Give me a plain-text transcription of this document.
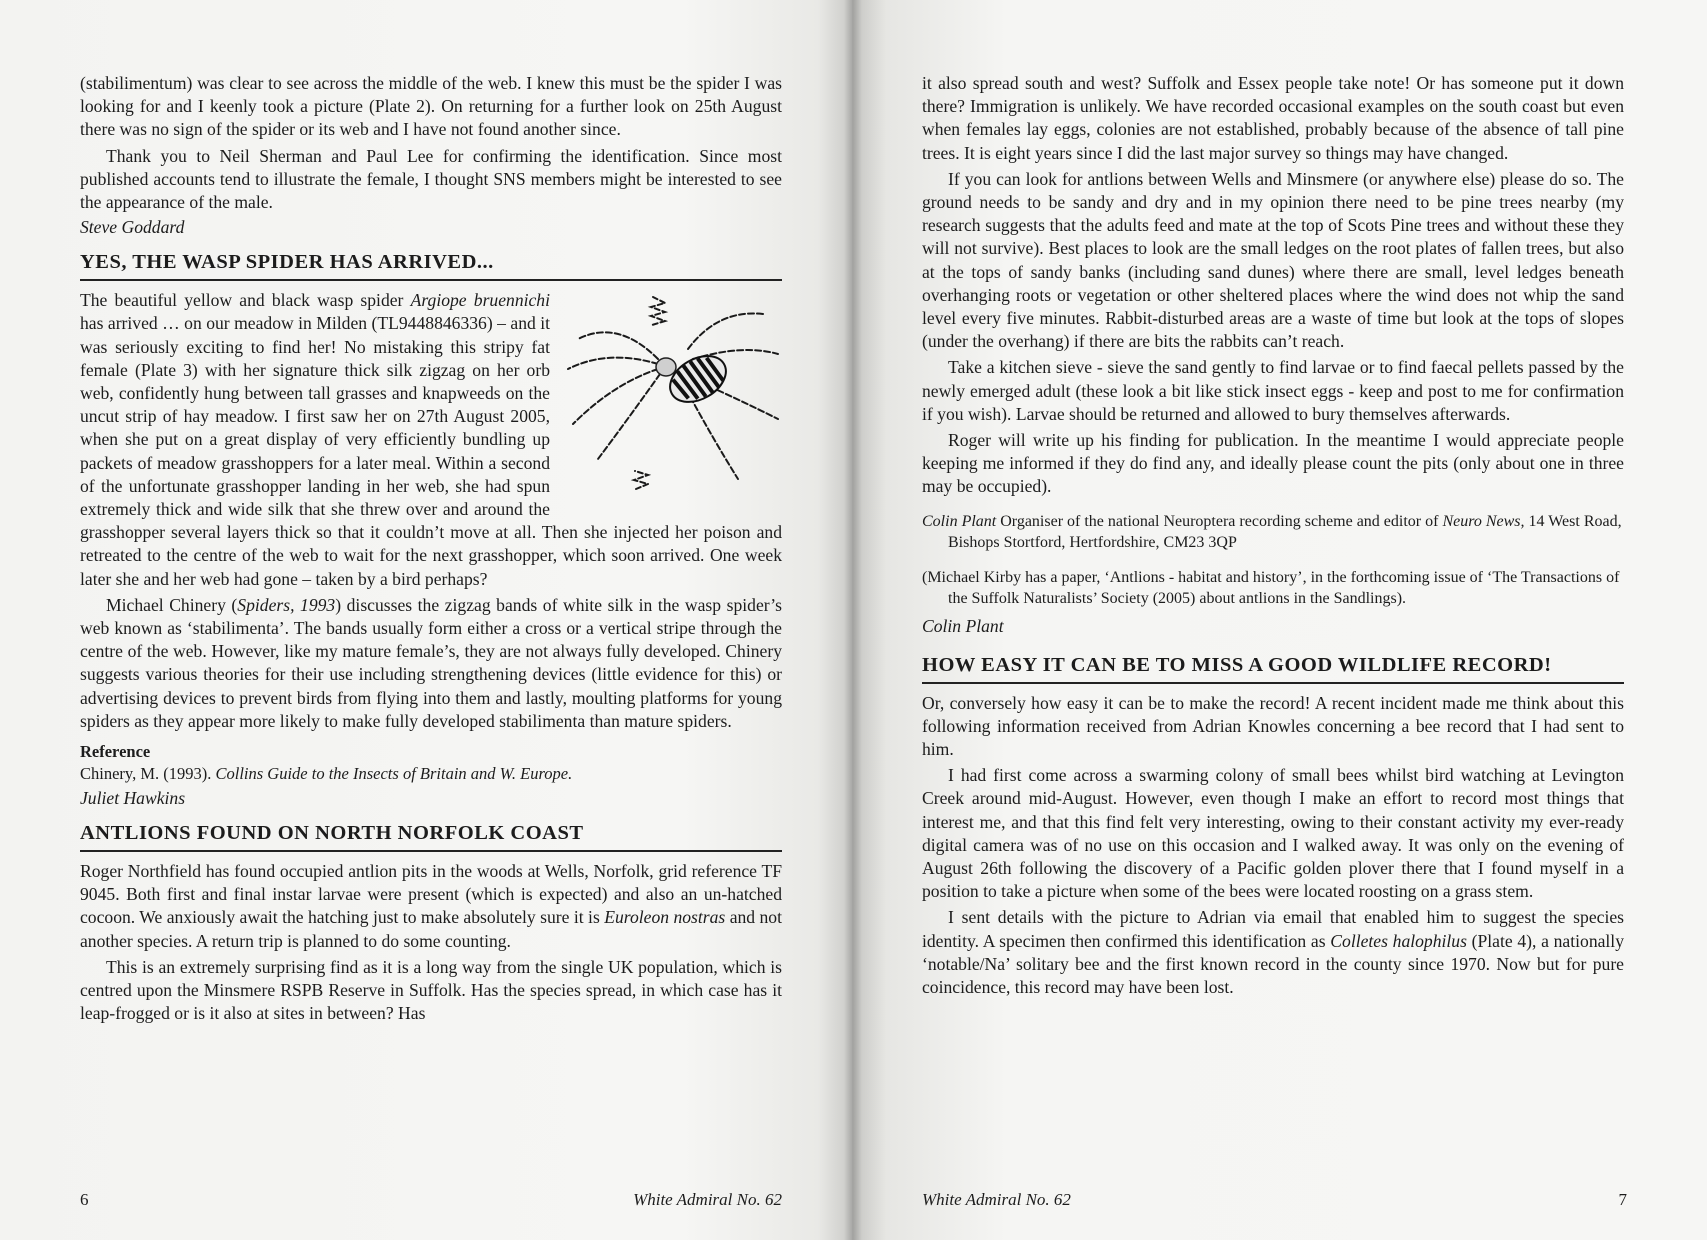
(stabilimentum) was clear to see across the middle of the web. I knew this must be the spider I was looking for and I keenly took a picture (Plate 2). On returning for a further look on 25th August there was no sign of the spider or its web and I have not found another since.

Thank you to Neil Sherman and Paul Lee for confirming the identification. Since most published accounts tend to illustrate the female, I thought SNS members might be interested to see the appearance of the male.

Steve Goddard
YES, THE WASP SPIDER HAS ARRIVED...

The beautiful yellow and black wasp spider Argiope bruennichi has arrived … on our meadow in Milden (TL9448846336) – and it was seriously exciting to find her! No mistaking this stripy fat female (Plate 3) with her signature thick silk zigzag on her orb web, confidently hung between tall grasses and knapweeds on the uncut strip of hay meadow. I first saw her on 27th August 2005, when she put on a great display of very efficiently bundling up packets of meadow grasshoppers for a later meal. Within a second of the unfortunate grasshopper landing in her web, she had spun extremely thick and wide silk that she threw over and around the grasshopper several layers thick so that it couldn’t move at all. Then she injected her poison and retreated to the centre of the web to wait for the next grasshopper, which soon arrived. One week later she and her web had gone – taken by a bird perhaps?

Michael Chinery (Spiders, 1993) discusses the zigzag bands of white silk in the wasp spider’s web known as ‘stabilimenta’. The bands usually form either a cross or a vertical stripe through the centre of the web. However, like my mature female’s, they are not always fully developed. Chinery suggests various theories for their use including strengthening devices (little evidence for this) or advertising devices to prevent birds from flying into them and lastly, moulting platforms for young spiders as they appear more likely to make fully developed stabilimenta than mature spiders.

Reference
Chinery, M. (1993). Collins Guide to the Insects of Britain and W. Europe.
Juliet Hawkins
ANTLIONS FOUND ON NORTH NORFOLK COAST

Roger Northfield has found occupied antlion pits in the woods at Wells, Norfolk, grid reference TF 9045. Both first and final instar larvae were present (which is expected) and also an un-hatched cocoon. We anxiously await the hatching just to make absolutely sure it is Euroleon nostras and not another species. A return trip is planned to do some counting.

This is an extremely surprising find as it is a long way from the single UK population, which is centred upon the Minsmere RSPB Reserve in Suffolk. Has the species spread, in which case has it leap-frogged or is it also at sites in between? Has

6	White Admiral No. 62

it also spread south and west? Suffolk and Essex people take note! Or has someone put it down there? Immigration is unlikely. We have recorded occasional examples on the south coast but even when females lay eggs, colonies are not established, probably because of the absence of tall pine trees. It is eight years since I did the last major survey so things may have changed.

If you can look for antlions between Wells and Minsmere (or anywhere else) please do so. The ground needs to be sandy and dry and in my opinion there need to be pine trees nearby (my research suggests that the adults feed and mate at the top of Scots Pine trees and without these they will not survive). Best places to look are the small ledges on the root plates of fallen trees, but also at the tops of sandy banks (including sand dunes) where there are small, level ledges beneath overhanging roots or vegetation or other sheltered places where the wind does not whip the sand level every five minutes. Rabbit-disturbed areas are a waste of time but look at the tops of slopes (under the overhang) if there are bits the rabbits can’t reach.

Take a kitchen sieve - sieve the sand gently to find larvae or to find faecal pellets passed by the newly emerged adult (these look a bit like stick insect eggs - keep and post to me for confirmation if you wish). Larvae should be returned and allowed to bury themselves afterwards.

Roger will write up his finding for publication. In the meantime I would appreciate people keeping me informed if they do find any, and ideally please count the pits (only about one in three may be occupied).

Colin Plant Organiser of the national Neuroptera recording scheme and editor of Neuro News, 14 West Road, Bishops Stortford, Hertfordshire, CM23 3QP

(Michael Kirby has a paper, ‘Antlions - habitat and history’, in the forthcoming issue of ‘The Transactions of the Suffolk Naturalists’ Society (2005) about antlions in the Sandlings).

Colin Plant
HOW EASY IT CAN BE TO MISS A GOOD WILDLIFE RECORD!

Or, conversely how easy it can be to make the record! A recent incident made me think about this following information received from Adrian Knowles concerning a bee record that I had sent to him.

I had first come across a swarming colony of small bees whilst bird watching at Levington Creek around mid-August. However, even though I make an effort to record most things that interest me, and that this find felt very interesting, owing to their constant activity my ever-ready digital camera was of no use on this occasion and I walked away. It was only on the evening of August 26th following the discovery of a Pacific golden plover there that I found myself in a position to take a picture when some of the bees were located roosting on a grass stem.

I sent details with the picture to Adrian via email that enabled him to suggest the species identity. A specimen then confirmed this identification as Colletes halophilus (Plate 4), a nationally ‘notable/Na’ solitary bee and the first known record in the county since 1970. Now but for pure coincidence, this record may have been lost.

White Admiral No. 62	7
